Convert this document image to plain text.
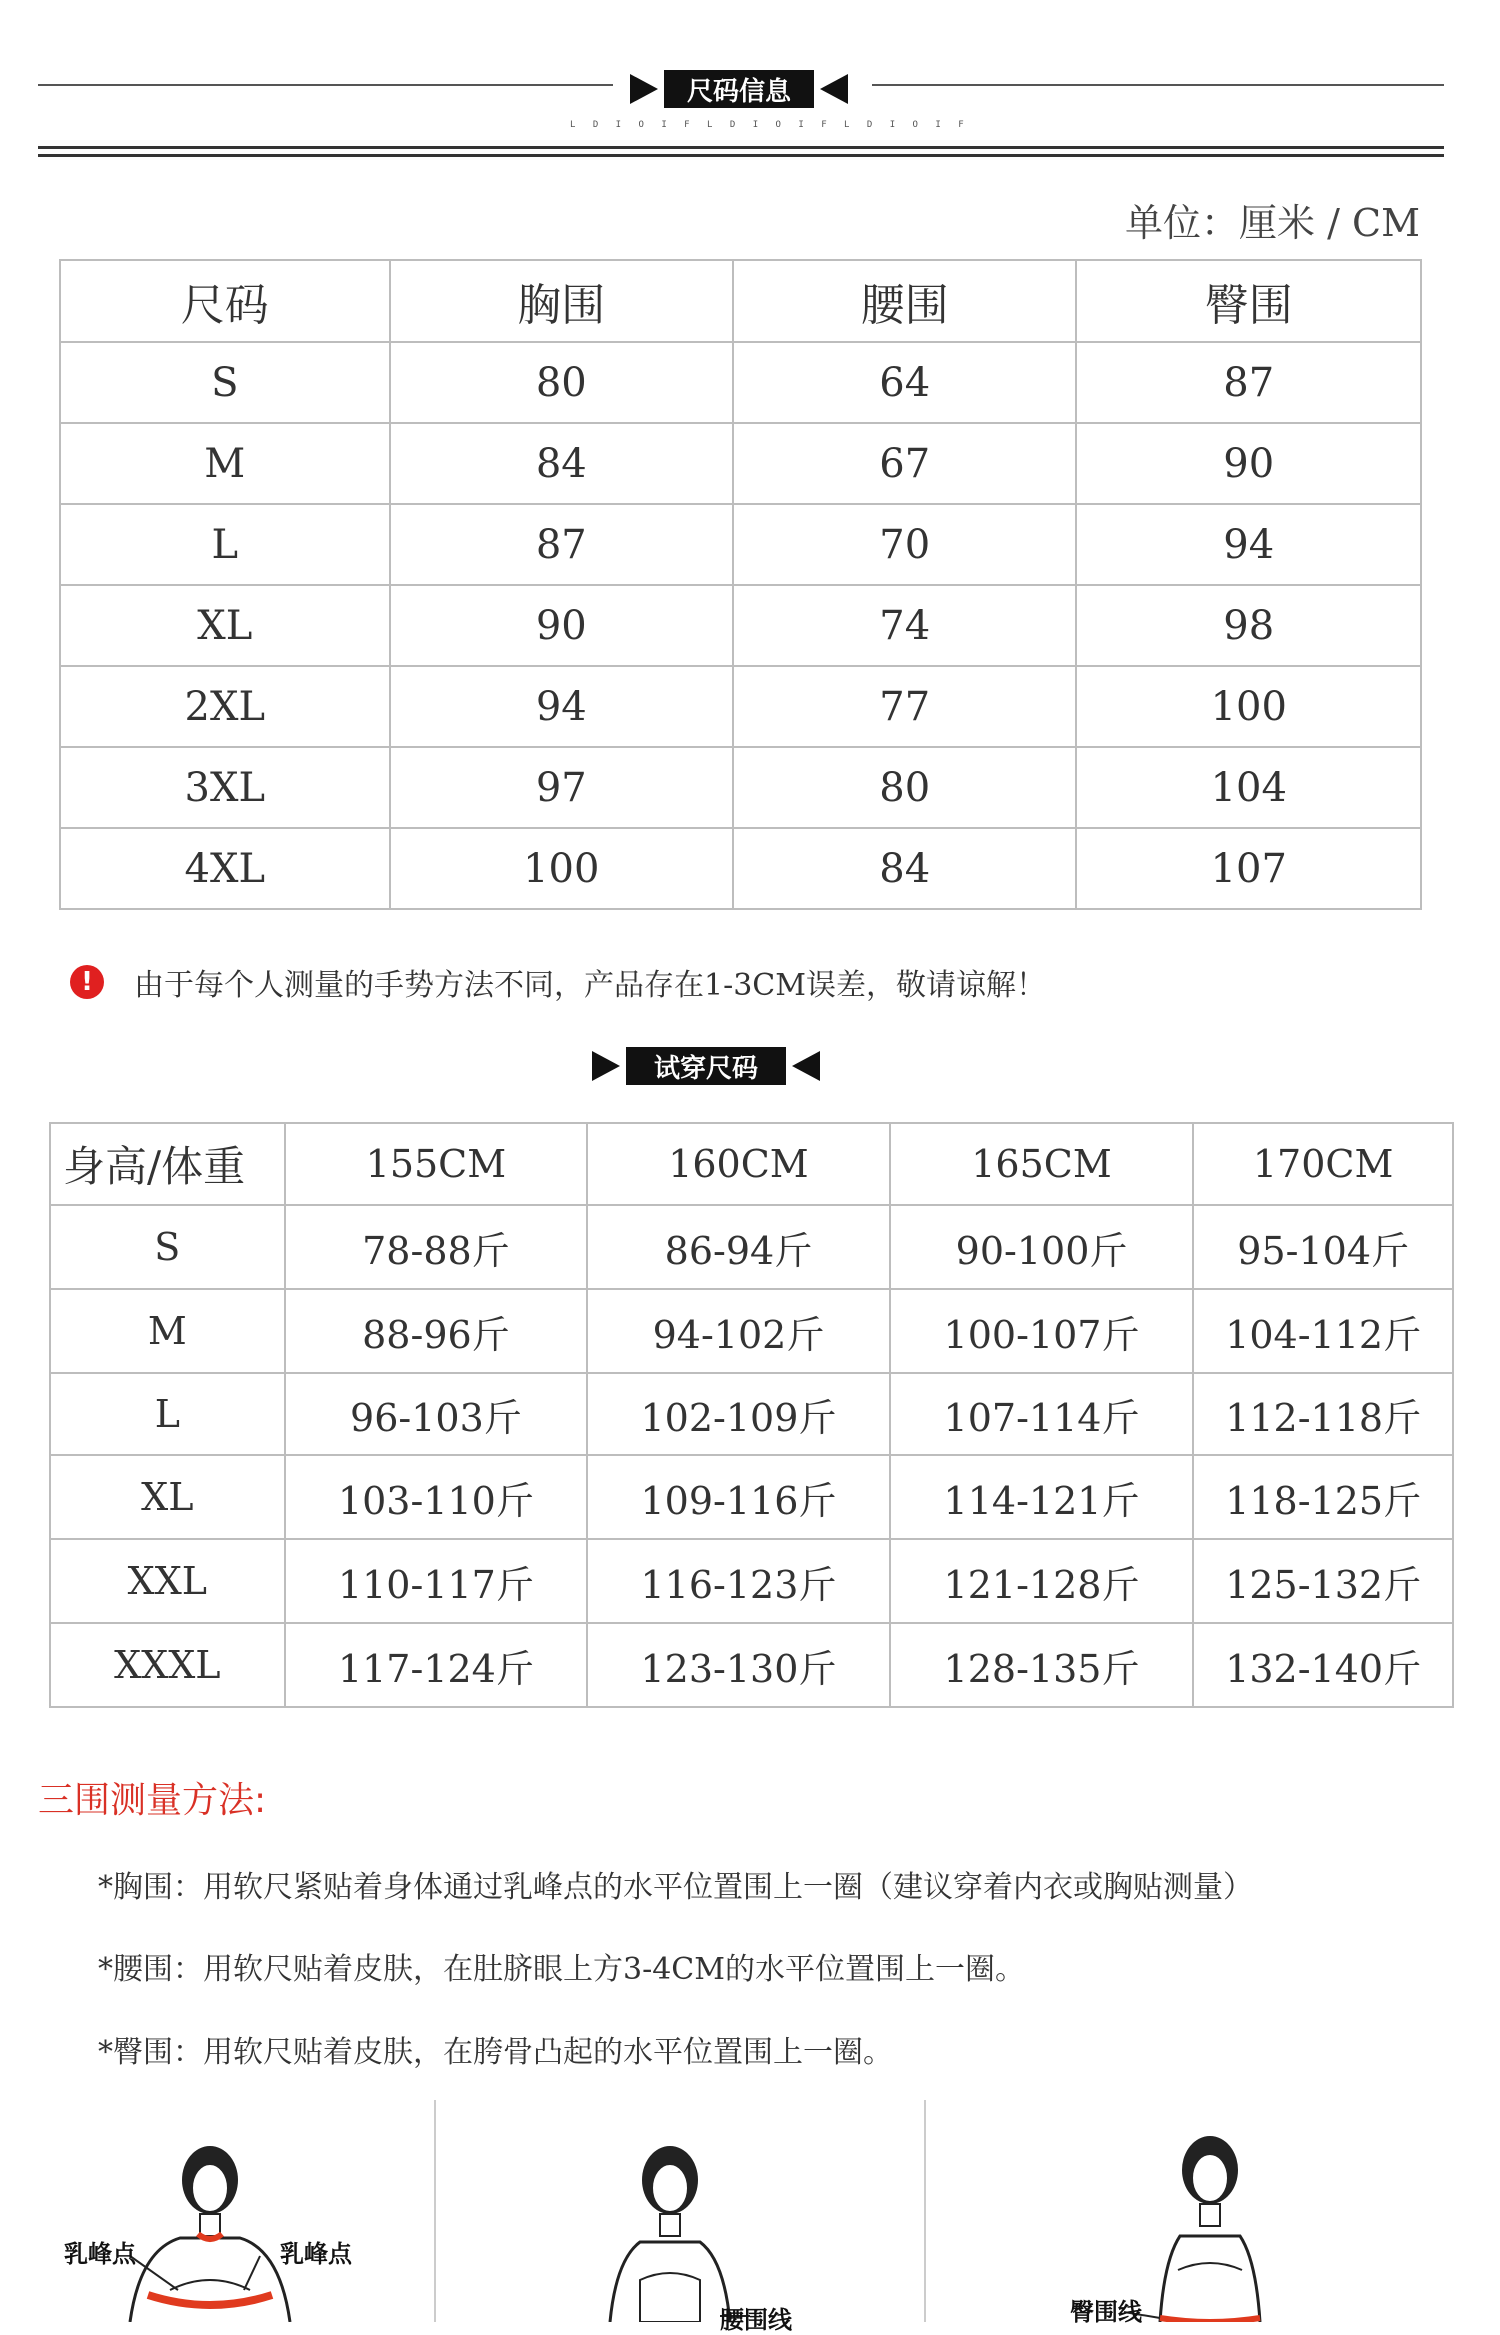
尺码信息
L D I O I F L D I O I F L D I O I F
单位：厘米 / CM
尺码	胸围	腰围	臀围
S	80	64	87
M	84	67	90
L	87	70	94
XL	90	74	98
2XL	94	77	100
3XL	97	80	104
4XL	100	84	107
!	由于每个人测量的手势方法不同，产品存在1-3CM误差，敬请谅解！
试穿尺码
身高/体重	155CM	160CM	165CM	170CM
S	78-88斤	86-94斤	90-100斤	95-104斤
M	88-96斤	94-102斤	100-107斤	104-112斤
L	96-103斤	102-109斤	107-114斤	112-118斤
XL	103-110斤	109-116斤	114-121斤	118-125斤
XXL	110-117斤	116-123斤	121-128斤	125-132斤
XXXL	117-124斤	123-130斤	128-135斤	132-140斤
三围测量方法:
*胸围：用软尺紧贴着身体通过乳峰点的水平位置围上一圈（建议穿着内衣或胸贴测量）
*腰围：用软尺贴着皮肤，在肚脐眼上方3-4CM的水平位置围上一圈。
*臀围：用软尺贴着皮肤，在胯骨凸起的水平位置围上一圈。
乳峰点	乳峰点
腰围线	臀围线
